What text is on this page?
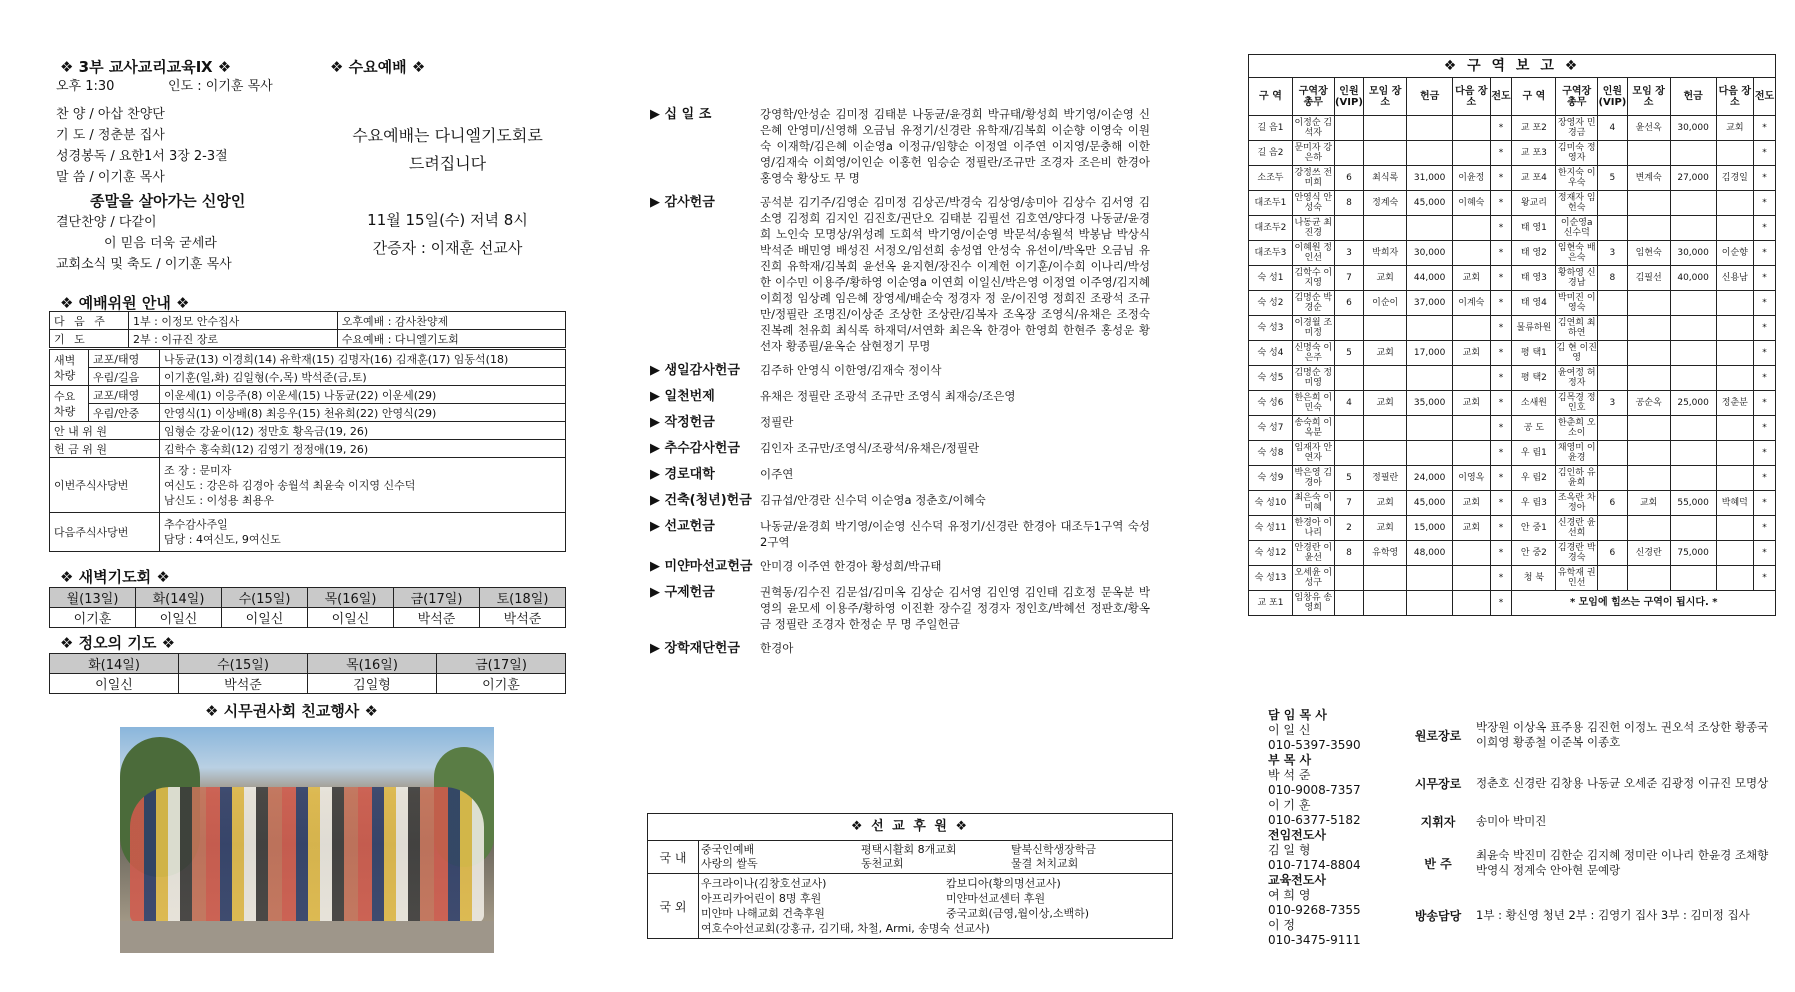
❖ 3부 교사교리교육Ⅸ ❖	❖ 수요예배 ❖
오후 1:30	인도 : 이기훈 목사
찬 양 / 아삽 찬양단
기 도 / 정춘분 집사
성경봉독 / 요한1서 3장 2-3절
말 씀 / 이기훈 목사
종말을 살아가는 신앙인
결단찬양 / 다같이
이 믿음 더욱 굳세라
교회소식 및 축도 / 이기훈 목사
수요예배는 다니엘기도회로
드려집니다
11월 15일(수) 저녁 8시
간증자 : 이재훈 선교사
❖ 예배위원 안내 ❖
다 음 주	1부 : 이정모 안수집사	오후예배 : 감사찬양제
기 도	2부 : 이규진 장로	수요예배 : 다니엘기도회
새벽 차량	교포/태영	나동균(13) 이경희(14) 유학재(15) 김명자(16) 김재훈(17) 임동석(18)
	우림/길음	이기훈(일,화) 김일형(수,목) 박석준(금,토)
수요 차량	교포/태영	이운세(1) 이응주(8) 이운세(15) 나동균(22) 이운세(29)
	우림/안중	안영식(1) 이상배(8) 최응우(15) 천유희(22) 안영식(29)
안 내 위 원		임형순 강윤이(12) 정만호 황옥금(19, 26)
헌 금 위 원		김학수 홍숙희(12) 김영기 정정애(19, 26)
이번주식사당번		조 장 : 문미자
여신도 : 강은하 김경아 송월석 최윤숙 이지영 신수덕
남신도 : 이성용 최용우

다음주식사당번		추수감사주일
담당 : 4여신도, 9여신도
❖ 새벽기도회 ❖
월(13일)	화(14일)	수(15일)	목(16일)	금(17일)	토(18일)
이기훈	이일신	이일신	이일신	박석준	박석준
❖ 정오의 기도 ❖
화(14일)	수(15일)	목(16일)	금(17일)
이일신	박석준	김일형	이기훈
❖ 시무권사회 친교행사 ❖
▶ 십 일 조	강영학/안성순 김미정 김태분 나동균/윤경희 박규태/황성희 박기영/이순영 신은혜 안영미/신영해 오금님 유정기/신경란 유학재/김복희 이순향 이영숙 이원숙 이재학/김은혜 이순영a 이정규/임향순 이정열 이주연 이지영/문충해 이한영/김재숙 이희영/이인순 이홍헌 임승순 정필란/조규만 조경자 조은비 한경아 홍영숙 황상도 무 명
▶ 감사헌금	공석분 김기주/김영순 김미정 김상곤/박경숙 김상영/송미아 김상수 김서영 김소영 김정희 김지인 김진호/권단오 김태분 김필선 김호연/양다경 나동균/윤경희 노인숙 모명상/위성례 도희석 박기영/이순영 박문석/송월석 박봉남 박상식 박석준 배민영 배성진 서정오/임선희 송성엽 안성숙 유선이/박옥만 오금님 유진희 유학재/김복희 윤선옥 윤지현/장진수 이계헌 이기훈/이수희 이나리/박성한 이수민 이용주/황하영 이순영a 이연희 이일신/박은영 이정열 이주영/김지혜 이희정 임상례 임은혜 장영세/배순숙 정경자 정 운/이진영 정희진 조광석 조규만/정필란 조명진/이상준 조상한 조상란/김복자 조옥장 조영식/유채은 조정숙 진복례 천유희 최식록 하재덕/서연화 최은옥 한경아 한영희 한현주 홍성운 황선자 황종필/윤옥순 삼현정기 무명
▶ 생일감사헌금	김주하 안영식 이한영/김재숙 정이삭
▶ 일천번제	유채은 정필란 조광석 조규만 조영식 최재승/조은영
▶ 작정헌금	정필란
▶ 추수감사헌금	김인자 조규만/조영식/조광석/유채은/정필란
▶ 경로대학	이주연
▶ 건축(청년)헌금 김규섭/안경란 신수덕 이순영a 정춘호/이혜숙
▶ 선교헌금	나동균/윤경희 박기영/이순영 신수덕 유정기/신경란 한경아 대조두1구역 숙성2구역
▶ 미얀마선교헌금 안미경 이주연 한경아 황성희/박규태
▶ 구제헌금	권혁동/김수진 김문섭/김미옥 김상순 김서영 김인영 김인태 김호정 문옥분 박영의 윤모세 이용주/황하영 이진환 장수길 정경자 정인호/박혜선 정판호/황옥금 정필란 조경자 한정순 무 명 주일헌금
▶ 장학재단헌금	한경아
❖ 선 교 후 원 ❖
국 내
중국인예배	평택시활회 8개교회	탈북신학생장학금
사랑의 쌀독	동천교회	물결 처치교회
국 외
우크라이나(김창호선교사)	캄보디아(황의명선교사)
아프리카어린이 8명 후원	미얀마선교센터 후원
미얀마 나해교회 건축후원	중국교회(금영,월이상,소백하)
여호수아선교회(강홍규, 김기태, 차철, Armi, 송명숙 선교사)
❖ 구 역 보 고 ❖
구 역	구역장 총무	인원 (VIP)	모임 장소	헌금	다음 장소	전도	구 역	구역장 총무	인원 (VIP)	모임 장소	헌금	다음 장소	전도
길 음1	이정순 김석자					*	교 포2	장영자 민경금	4	윤선옥	30,000	교회	*
길 음2	문미자 강은하					*	교 포3	김미숙 정영자					*
소조두	강정쓰 전미희	6	최식록	31,000	이윤정	*	교 포4	한지숙 이우숙	5	변계숙	27,000	김경일	*
대조두1	안영식 안성숙	8	정계숙	45,000	이혜숙	*	왕교리	정재자 임헌숙					*
대조두2	나동균 최진경					*	태 영1	이순영a 신수덕					*
대조두3	이혜원 정인선	3	박희자	30,000		*	태 영2	임현숙 배은숙	3	임현숙	30,000	이순향	*
숙 성1	김학수 이지영	7	교회	44,000	교회	*	태 영3	황하영 신경남	8	김필선	40,000	신용남	*
숙 성2	김명순 박경순	6	이순이	37,000	이계숙	*	태 영4	박미진 이영숙					*
숙 성3	이경월 조미정					*	물류하원	김연희 최하연					*
숙 성4	신명숙 이은주	5	교회	17,000	교회	*	평 택1	김 현 이진영					*
숙 성5	김명순 정미영					*	평 택2	윤여정 허정자					*
숙 성6	한은희 이민숙	4	교회	35,000	교회	*	소새원	김목경 정인호	3	공순옥	25,000	정춘분	*
숙 성7	송숙희 이옥분					*	공 도	한춘희 오소이					*
숙 성8	임재자 안연자					*	우 림1	채영미 이윤경					*
숙 성9	박은영 김경아	5	정필란	24,000	이영옥	*	우 림2	김인하 유윤희					*
숙 성10	최은숙 이미혜	7	교회	45,000	교회	*	우 림3	조옥란 차정아	6	교회	55,000	박혜덕	*
숙 성11	한경아 이나리	2	교회	15,000	교회	*	안 중1	신경란 윤선희					*
숙 성12	안경란 이윤선	8	유학영	48,000		*	안 중2	김경란 박경숙	6	신경란	75,000		*
숙 성13	오세윤 이성구					*	청 북	유학재 권인선					*
교 포1	임창유 송영희					*	* 모임에 힘쓰는 구역이 됩시다. *						
담 임 목 사
이 일 신
010-5397-3590
부 목 사
박 석 준
010-9008-7357
이 기 훈
010-6377-5182
전임전도사
김 일 형
010-7174-8804
교육전도사
여 희 영
010-9268-7355
이 정
010-3475-9111
원로장로
박장원 이상옥 표주용 김진헌 이정노 권오석 조상한 황종국 이희영 황종철 이준복 이종호
시무장로	정춘호 신경란 김창용 나동균 오세준 김광정 이규진 모명상
지휘자	송미아 박미진
반 주
최윤숙 박진미 김한순 김지혜 정미란 이나리 한윤경 조채향 박영식 정계숙 안아현 문예랑
방송담당	1부 : 황신영 청년 2부 : 김영기 집사 3부 : 김미정 집사
